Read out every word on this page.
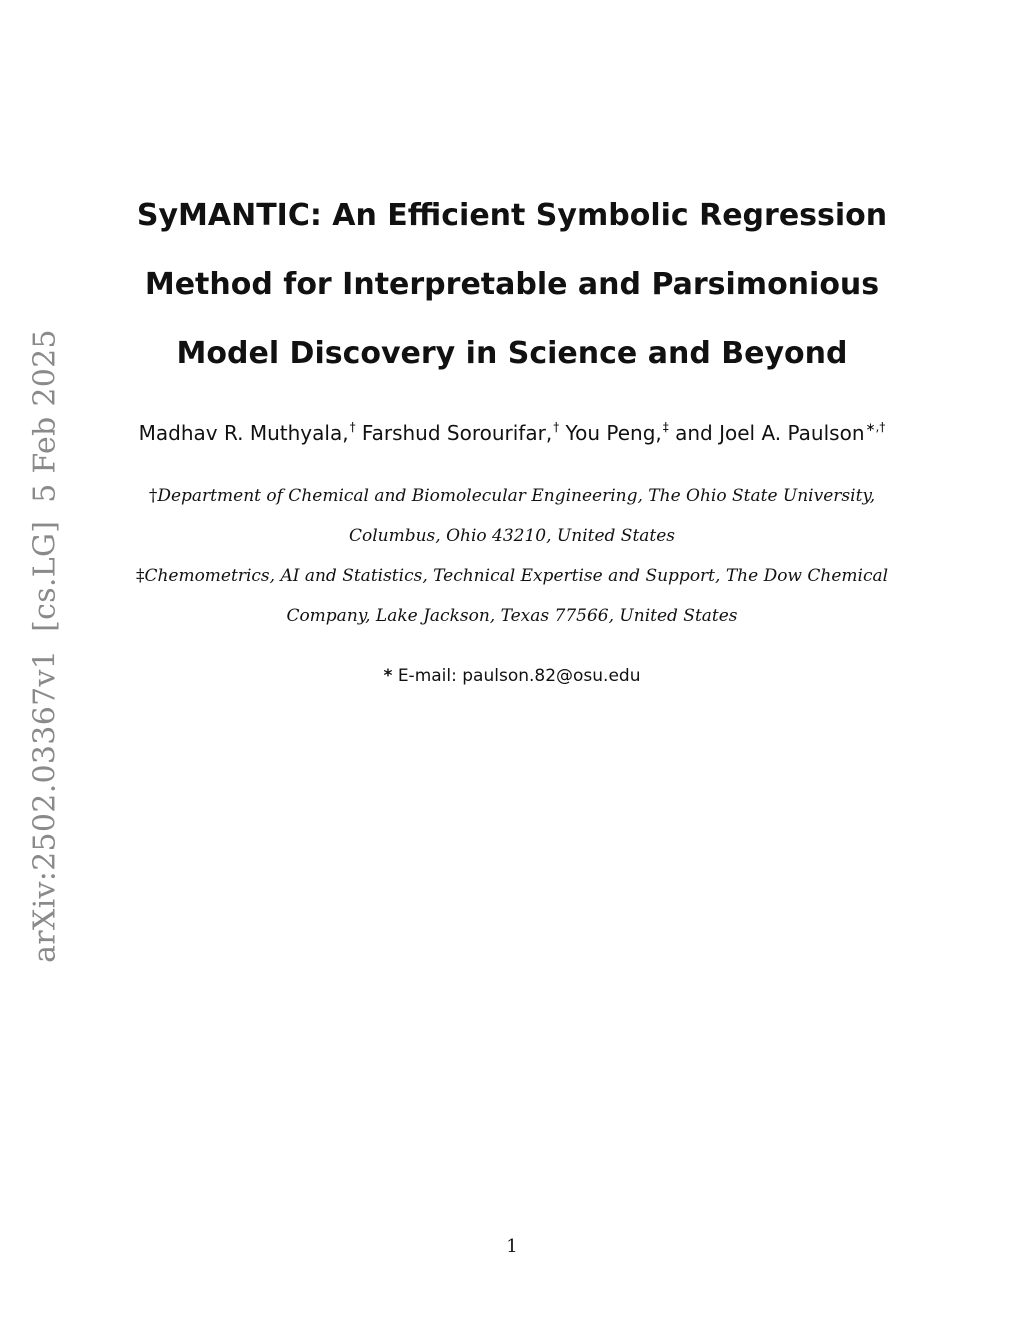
arXiv:2502.03367v1[cs.LG]5 Feb 2025
SyMANTIC: An Efficient Symbolic Regression
Method for Interpretable and Parsimonious
Model Discovery in Science and Beyond
Madhav R. Muthyala,† Farshud Sorourifar,† You Peng,‡ and Joel A. Paulson∗,†
†Department of Chemical and Biomolecular Engineering, The Ohio State University,
Columbus, Ohio 43210, United States
‡Chemometrics, AI and Statistics, Technical Expertise and Support, The Dow Chemical
Company, Lake Jackson, Texas 77566, United States
* E-mail: paulson.82@osu.edu
1
